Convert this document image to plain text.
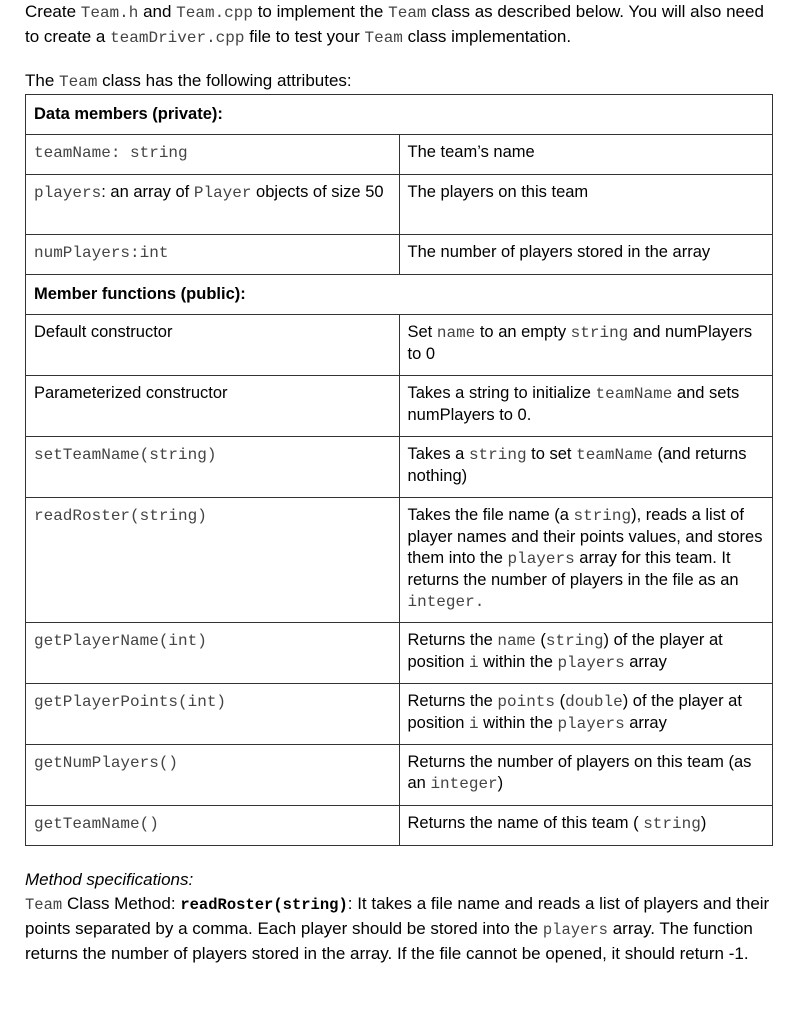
Create Team.h and Team.cpp to implement the Team class as described below. You will also need to create a teamDriver.cpp file to test your Team class implementation.
The Team class has the following attributes:
Data members (private):	
teamName: string	The team’s name
players: an array of Player objects of size 50	The players on this team
numPlayers:int	The number of players stored in the array
Member functions (public):	
Default constructor	Set name to an empty string and numPlayers to 0
Parameterized constructor	Takes a string to initialize teamName and sets numPlayers to 0.
setTeamName(string)	Takes a string to set teamName (and returns nothing)
readRoster(string)	Takes the file name (a string), reads a list of player names and their points values, and stores them into the players array for this team. It returns the number of players in the file as an integer.
getPlayerName(int)	Returns the name (string) of the player at position i within the players array
getPlayerPoints(int)	Returns the points (double) of the player at position i within the players array
getNumPlayers()	Returns the number of players on this team (as an integer)
getTeamName()	Returns the name of this team ( string)
Method specifications:
Team Class Method: readRoster(string): It takes a file name and reads a list of players and their points separated by a comma. Each player should be stored into the players array. The function returns the number of players stored in the array. If the file cannot be opened, it should return -1.
